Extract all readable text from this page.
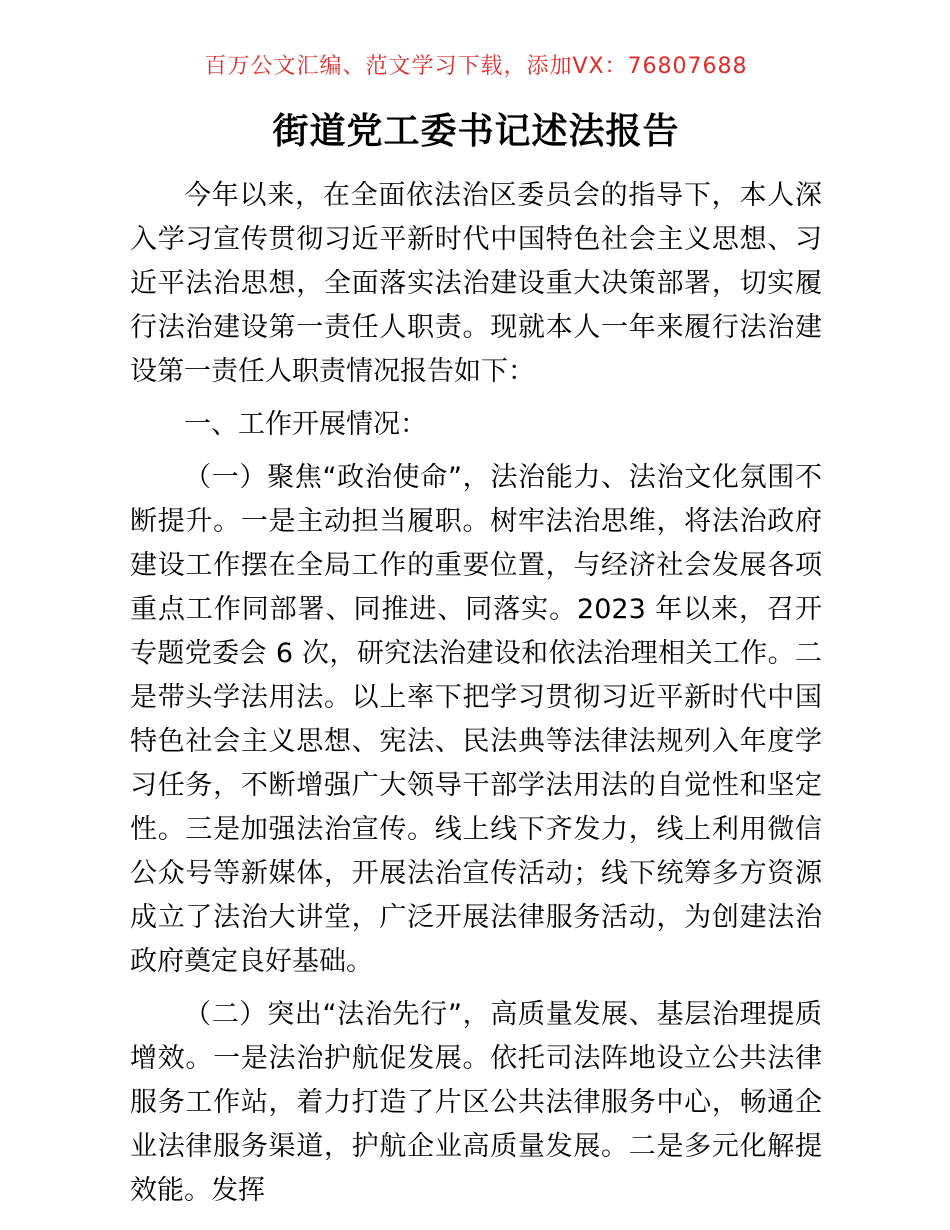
百万公文汇编、范文学习下载，添加VX：76807688
街道党工委书记述法报告

今年以来，在全面依法治区委员会的指导下，本人深入学习宣传贯彻习近平新时代中国特色社会主义思想、习近平法治思想，全面落实法治建设重大决策部署，切实履行法治建设第一责任人职责。现就本人一年来履行法治建设第一责任人职责情况报告如下：

一、工作开展情况：

（一）聚焦“政治使命”，法治能力、法治文化氛围不断提升。一是主动担当履职。树牢法治思维，将法治政府建设工作摆在全局工作的重要位置，与经济社会发展各项重点工作同部署、同推进、同落实。2023 年以来，召开专题党委会 6 次，研究法治建设和依法治理相关工作。二是带头学法用法。以上率下把学习贯彻习近平新时代中国特色社会主义思想、宪法、民法典等法律法规列入年度学习任务，不断增强广大领导干部学法用法的自觉性和坚定性。三是加强法治宣传。线上线下齐发力，线上利用微信公众号等新媒体，开展法治宣传活动；线下统筹多方资源成立了法治大讲堂，广泛开展法律服务活动，为创建法治政府奠定良好基础。

（二）突出“法治先行”，高质量发展、基层治理提质增效。一是法治护航促发展。依托司法阵地设立公共法律服务工作站，着力打造了片区公共法律服务中心，畅通企业法律服务渠道，护航企业高质量发展。二是多元化解提效能。发挥
